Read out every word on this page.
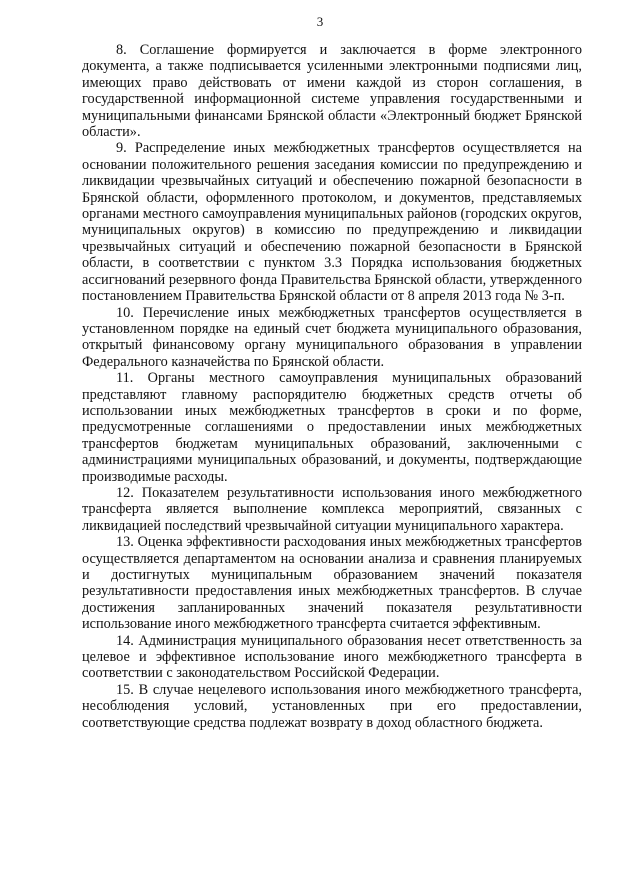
3

8. Соглашение формируется и заключается в форме электронного документа, а также подписывается усиленными электронными подписями лиц, имеющих право действовать от имени каждой из сторон соглашения, в государственной информационной системе управления государственными и муниципальными финансами Брянской области «Электронный бюджет Брянской области».

9. Распределение иных межбюджетных трансфертов осуществляется на основании положительного решения заседания комиссии по предупреждению и ликвидации чрезвычайных ситуаций и обеспечению пожарной безопасности в Брянской области, оформленного протоколом, и документов, представляемых органами местного самоуправления муниципальных районов (городских округов, муниципальных округов) в комиссию по предупреждению и ликвидации чрезвычайных ситуаций и обеспечению пожарной безопасности в Брянской области, в соответствии с пунктом 3.3 Порядка использования бюджетных ассигнований резервного фонда Правительства Брянской области, утвержденного постановлением Правительства Брянской области от 8 апреля 2013 года № 3-п.

10. Перечисление иных межбюджетных трансфертов осуществляется в установленном порядке на единый счет бюджета муниципального образования, открытый финансовому органу муниципального образования в управлении Федерального казначейства по Брянской области.

11. Органы местного самоуправления муниципальных образований представляют главному распорядителю бюджетных средств отчеты об использовании иных межбюджетных трансфертов в сроки и по форме, предусмотренные соглашениями о предоставлении иных межбюджетных трансфертов бюджетам муниципальных образований, заключенными с администрациями муниципальных образований, и документы, подтверждающие производимые расходы.

12. Показателем результативности использования иного межбюджетного трансферта является выполнение комплекса мероприятий, связанных с ликвидацией последствий чрезвычайной ситуации муниципального характера.

13. Оценка эффективности расходования иных межбюджетных трансфертов осуществляется департаментом на основании анализа и сравнения планируемых и достигнутых муниципальным образованием значений показателя результативности предоставления иных межбюджетных трансфертов. В случае достижения запланированных значений показателя результативности использование иного межбюджетного трансферта считается эффективным.

14. Администрация муниципального образования несет ответственность за целевое и эффективное использование иного межбюджетного трансферта в соответствии с законодательством Российской Федерации.

15. В случае нецелевого использования иного межбюджетного трансферта, несоблюдения условий, установленных при его предоставлении, соответствующие средства подлежат возврату в доход областного бюджета.
